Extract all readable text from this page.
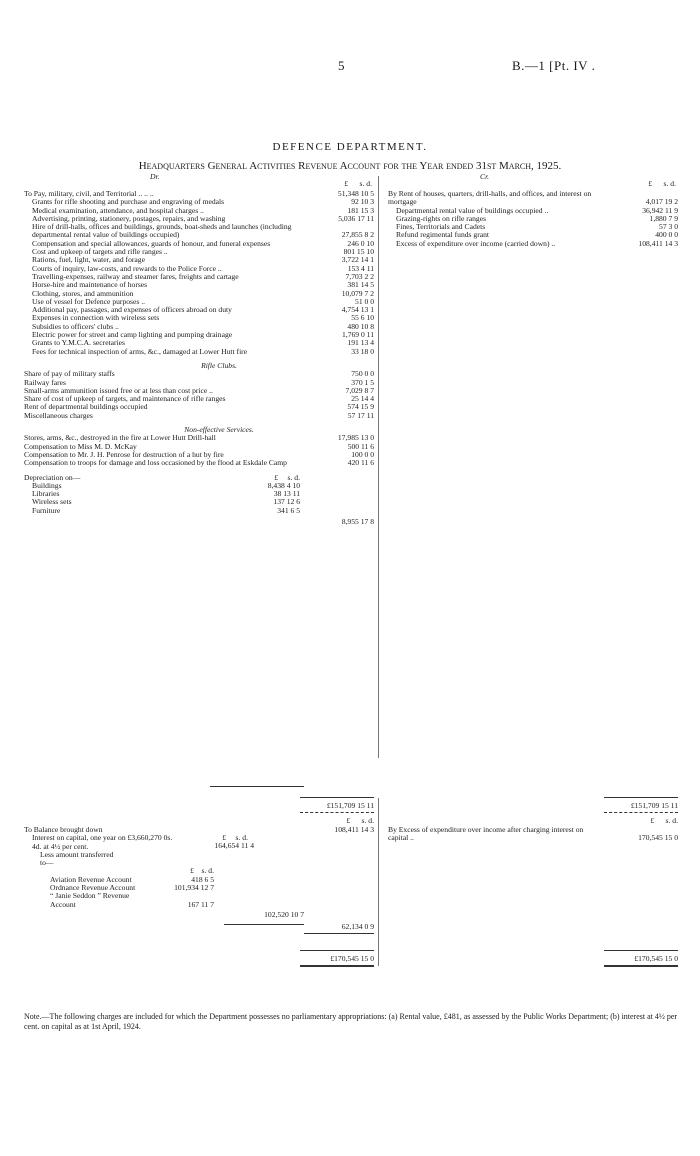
5	B.—1 [Pt. IV .
DEFENCE DEPARTMENT.
Headquarters General Activities Revenue Account for the Year ended 31st March, 1925.
Dr.
£      s. d.
Cr.
£      s. d.
To Pay, military, civil, and Territorial .. .. ..	51,348 10 5
Grants for rifle shooting and purchase and engraving of medals	92 10 3
Medical examination, attendance, and hospital charges ..	181 15 3
Advertising, printing, stationery, postages, repairs, and washing	5,036 17 11
Hire of drill-halls, offices and buildings, grounds, boat-sheds and launches (including departmental rental value of buildings occupied)	27,855 8 2
Compensation and special allowances, guards of honour, and funeral expenses	246 0 10
Cost and upkeep of targets and rifle ranges ..	801 15 10
Rations, fuel, light, water, and forage	3,722 14 1
Courts of inquiry, law-costs, and rewards to the Police Force ..	153 4 11
Travelling-expenses, railway and steamer fares, freights and cartage	7,703 2 2
Horse-hire and maintenance of horses	381 14 5
Clothing, stores, and ammunition	10,079 7 2
Use of vessel for Defence purposes ..	51 0 0
Additional pay, passages, and expenses of officers abroad on duty	4,754 13 1
Expenses in connection with wireless sets	55 6 10
Subsidies to officers' clubs ..	480 10 8
Electric power for street and camp lighting and pumping drainage	1,769 0 11
Grants to Y.M.C.A. secretaries	191 13 4
Fees for technical inspection of arms, &c., damaged at Lower Hutt fire	33 18 0
Rifle Clubs.
Share of pay of military staffs	750 0 0
Railway fares	370 1 5
Small-arms ammunition issued free or at less than cost price ..	7,029 8 7
Share of cost of upkeep of targets, and maintenance of rifle ranges	25 14 4
Rent of departmental buildings occupied	574 15 9
Miscellaneous charges	57 17 11
Non-effective Services.
Stores, arms, &c., destroyed in the fire at Lower Hutt Drill-hall	17,985 13 0
Compensation to Miss M. D. McKay	500 11 6
Compensation to Mr. J. H. Penrose for destruction of a hut by fire	100 0 0
Compensation to troops for damage and loss occasioned by the flood at Eskdale Camp	420 11 6
Depreciation on—	£     s. d.
Buildings	8,438 4 10
Libraries	38 13 11
Wireless sets	137 12 6
Furniture	341 6 5
8,955 17 8
£151,709 15 11	£151,709 15 11
By Rent of houses, quarters, drill-halls, and offices, and interest on mortgage	4,017 19 2
Departmental rental value of buildings occupied ..	36,942 11 9
Grazing-rights on rifle ranges	1,880 7 9
Fines, Territorials and Cadets	57 3 0
Refund regimental funds grant	400 0 0
Excess of expenditure over income (carried down) ..	108,411 14 3
£      s. d.	£      s. d.
To Balance brought down	108,411 14 3
Interest on capital, one year on £3,660,270 0s. 4d. at 4½ per cent.	164,654 11 4
£     s. d.
Less amount transferred to—
£    s. d.
Aviation Revenue Account	418 6 5
Ordnance Revenue Account	101,934 12 7
“ Janie Seddon ” Revenue Account	167 11 7
102,520 10 7
62,134 0 9
By Excess of expenditure over income after charging interest on capital ..	170,545 15 0
£170,545 15 0	£170,545 15 0
Note.—The following charges are included for which the Department possesses no parliamentary appropriations: (a) Rental value, £481, as assessed by the Public Works Department; (b) interest at 4½ per cent. on capital as at 1st April, 1924.
